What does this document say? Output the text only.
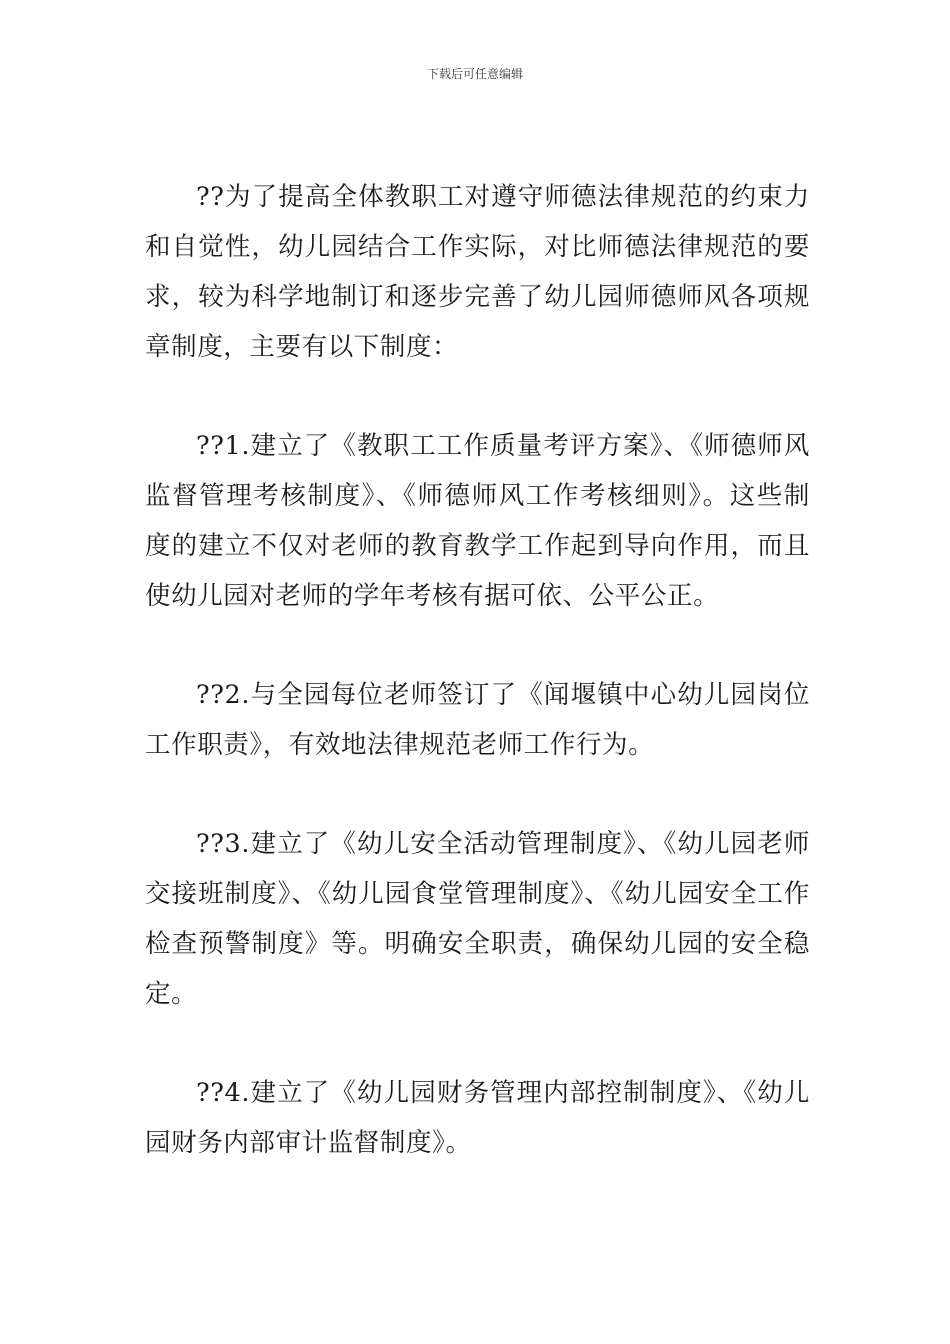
下载后可任意编辑

??为了提高全体教职工对遵守师德法律规范的约束力和自觉性，幼儿园结合工作实际，对比师德法律规范的要求，较为科学地制订和逐步完善了幼儿园师德师风各项规章制度，主要有以下制度：

??1.建立了《教职工工作质量考评方案》、《师德师风监督管理考核制度》、《师德师风工作考核细则》。这些制度的建立不仅对老师的教育教学工作起到导向作用，而且使幼儿园对老师的学年考核有据可依、公平公正。

??2.与全园每位老师签订了《闻堰镇中心幼儿园岗位工作职责》，有效地法律规范老师工作行为。

??3.建立了《幼儿安全活动管理制度》、《幼儿园老师交接班制度》、《幼儿园食堂管理制度》、《幼儿园安全工作检查预警制度》等。明确安全职责，确保幼儿园的安全稳定。

??4.建立了《幼儿园财务管理内部控制制度》、《幼儿园财务内部审计监督制度》。
